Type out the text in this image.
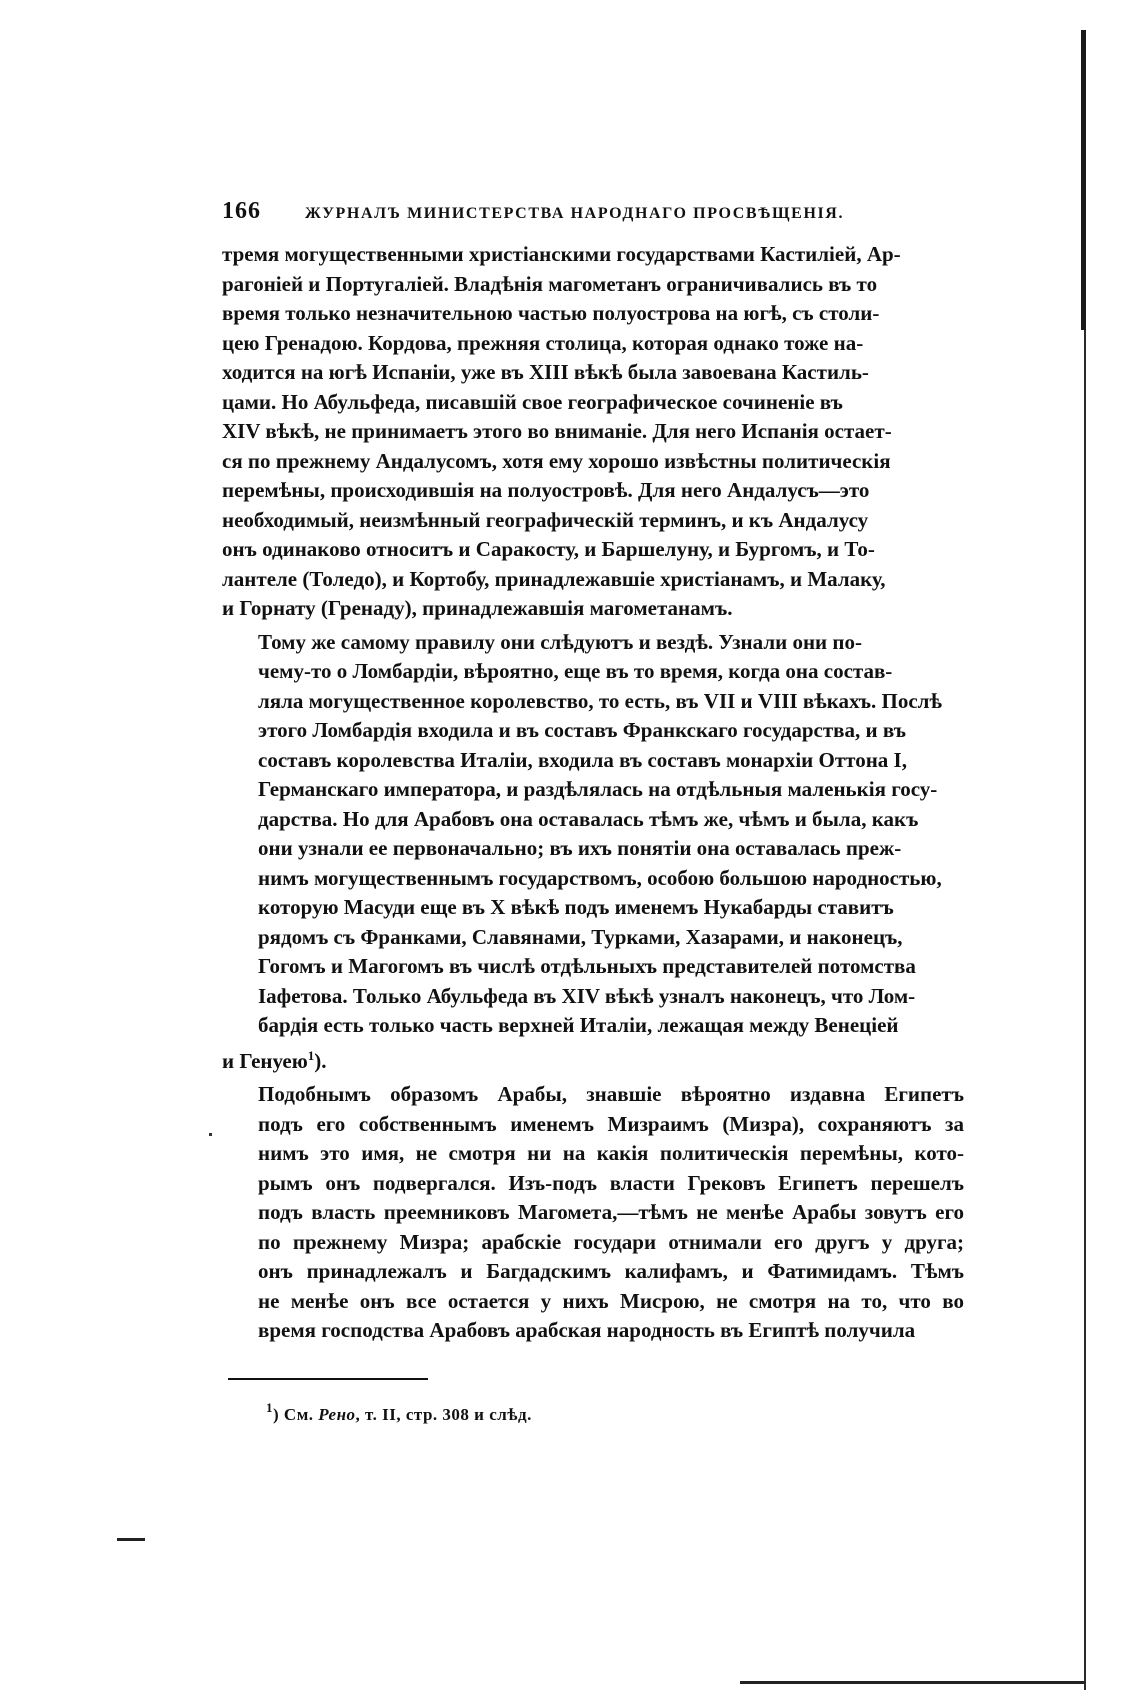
166	ЖУРНАЛЪ МИНИСТЕРСТВА НАРОДНАГО ПРОСВѢЩЕНІЯ.

тремя могущественными христіанскими государствами Кастиліей, Ар-
рагоніей и Португаліей. Владѣнія магометанъ ограничивались въ то
время только незначительною частью полуострова на югѣ, съ столи-
цею Гренадою. Кордова, прежняя столица, которая однако тоже на-
ходится на югѣ Испаніи, уже въ XIII вѣкѣ была завоевана Кастиль-
цами. Но Абульфеда, писавшій свое географическое сочиненіе въ
XIV вѣкѣ, не принимаетъ этого во вниманіе. Для него Испанія остает-
ся по прежнему Андалусомъ, хотя ему хорошо извѣстны политическія
перемѣны, происходившія на полуостровѣ. Для него Андалусъ—это
необходимый, неизмѣнный географическій терминъ, и къ Андалусу
онъ одинаково относитъ и Саракосту, и Баршелуну, и Бургомъ, и То-
лантеле (Толедо), и Кортобу, принадлежавшіе христіанамъ, и Малаку,
и Горнату (Гренаду), принадлежавшія магометанамъ.

Тому же самому правилу они слѣдуютъ и вездѣ. Узнали они по-
чему-то о Ломбардіи, вѣроятно, еще въ то время, когда она состав-
ляла могущественное королевство, то есть, въ VII и VIII вѣкахъ. Послѣ
этого Ломбардія входила и въ составъ Франкскаго государства, и въ
составъ королевства Италіи, входила въ составъ монархіи Оттона I,
Германскаго императора, и раздѣлялась на отдѣльныя маленькія госу-
дарства. Но для Арабовъ она оставалась тѣмъ же, чѣмъ и была, какъ
они узнали ее первоначально; въ ихъ понятіи она оставалась преж-
нимъ могущественнымъ государствомъ, особою большою народностью,
которую Масуди еще въ X вѣкѣ подъ именемъ Нукабарды ставитъ
рядомъ съ Франками, Славянами, Турками, Хазарами, и наконецъ,
Гогомъ и Магогомъ въ числѣ отдѣльныхъ представителей потомства
Іафетова. Только Абульфеда въ XIV вѣкѣ узналъ наконецъ, что Лом-
бардія есть только часть верхней Италіи, лежащая между Венеціей
и Генуею$^1$).

Подобнымъ образомъ Арабы, знавшіе вѣроятно издавна Египетъ
подъ его собственнымъ именемъ Мизраимъ (Мизра), сохраняютъ за
нимъ это имя, не смотря ни на какія политическія перемѣны, кото-
рымъ онъ подвергался. Изъ-подъ власти Грековъ Египетъ перешелъ
подъ власть преемниковъ Магомета,—тѣмъ не менѣе Арабы зовутъ его
по прежнему Мизра; арабскіе государи отнимали его другъ у друга;
онъ принадлежалъ и Багдадскимъ калифамъ, и Фатимидамъ. Тѣмъ
не менѣе онъ все остается у нихъ Мисрою, не смотря на то, что во
время господства Арабовъ арабская народность въ Египтѣ получила

$^1$) См. Рено, т. II, стр. 308 и слѣд.
